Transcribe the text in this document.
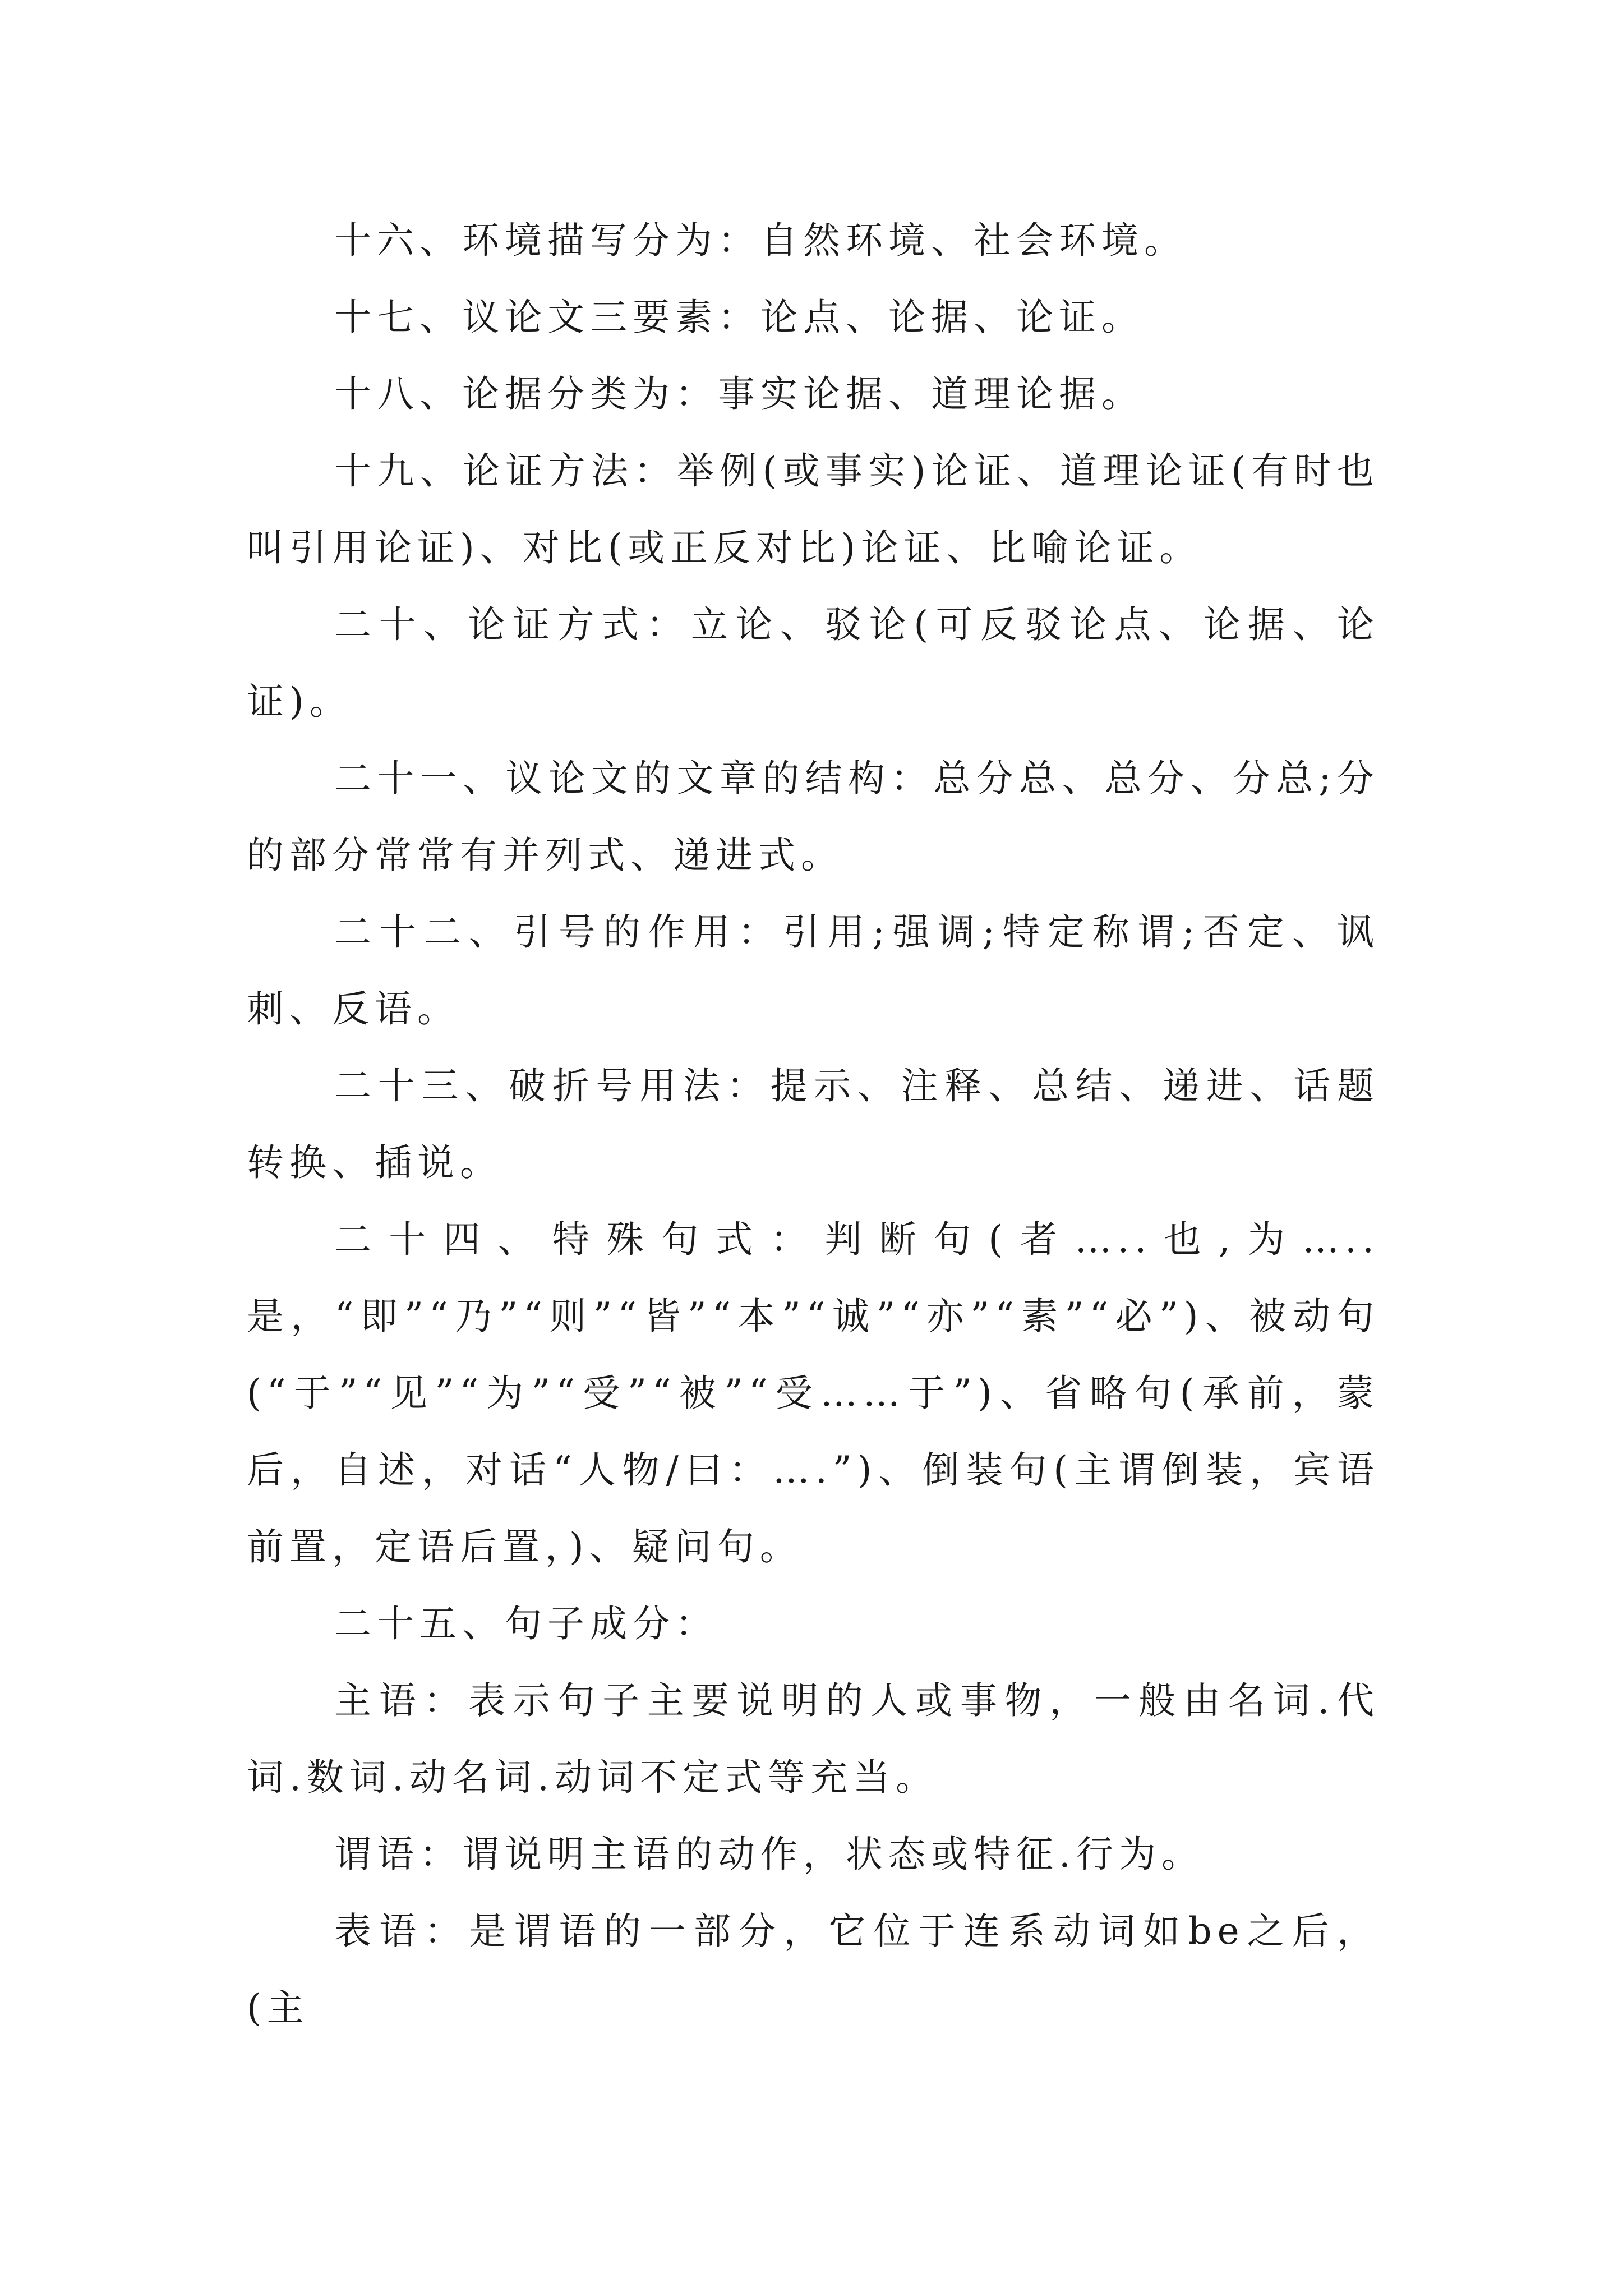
十六、环境描写分为：自然环境、社会环境。

十七、议论文三要素：论点、论据、论证。

十八、论据分类为：事实论据、道理论据。

十九、论证方法：举例(或事实)论证、道理论证(有时也叫引用论证)、对比(或正反对比)论证、比喻论证。

二十、论证方式：立论、驳论(可反驳论点、论据、论证)。

二十一、议论文的文章的结构：总分总、总分、分总;分的部分常常有并列式、递进式。

二十二、引号的作用：引用;强调;特定称谓;否定、讽刺、反语。

二十三、破折号用法：提示、注释、总结、递进、话题转换、插说。

二十四、特殊句式：判断句(者…..也,为…..是，“即”“乃”“则”“皆”“本”“诚”“亦”“素”“必”)、被动句(“于”“见”“为”“受”“被”“受……于”)、省略句(承前，蒙后，自述，对话“人物/曰：….”)、倒装句(主谓倒装，宾语前置，定语后置，)、疑问句。

二十五、句子成分：

主语：表示句子主要说明的人或事物，一般由名词.代词.数词.动名词.动词不定式等充当。

谓语：谓说明主语的动作，状态或特征.行为。

表语：是谓语的一部分，它位于连系动词如be之后，(主
